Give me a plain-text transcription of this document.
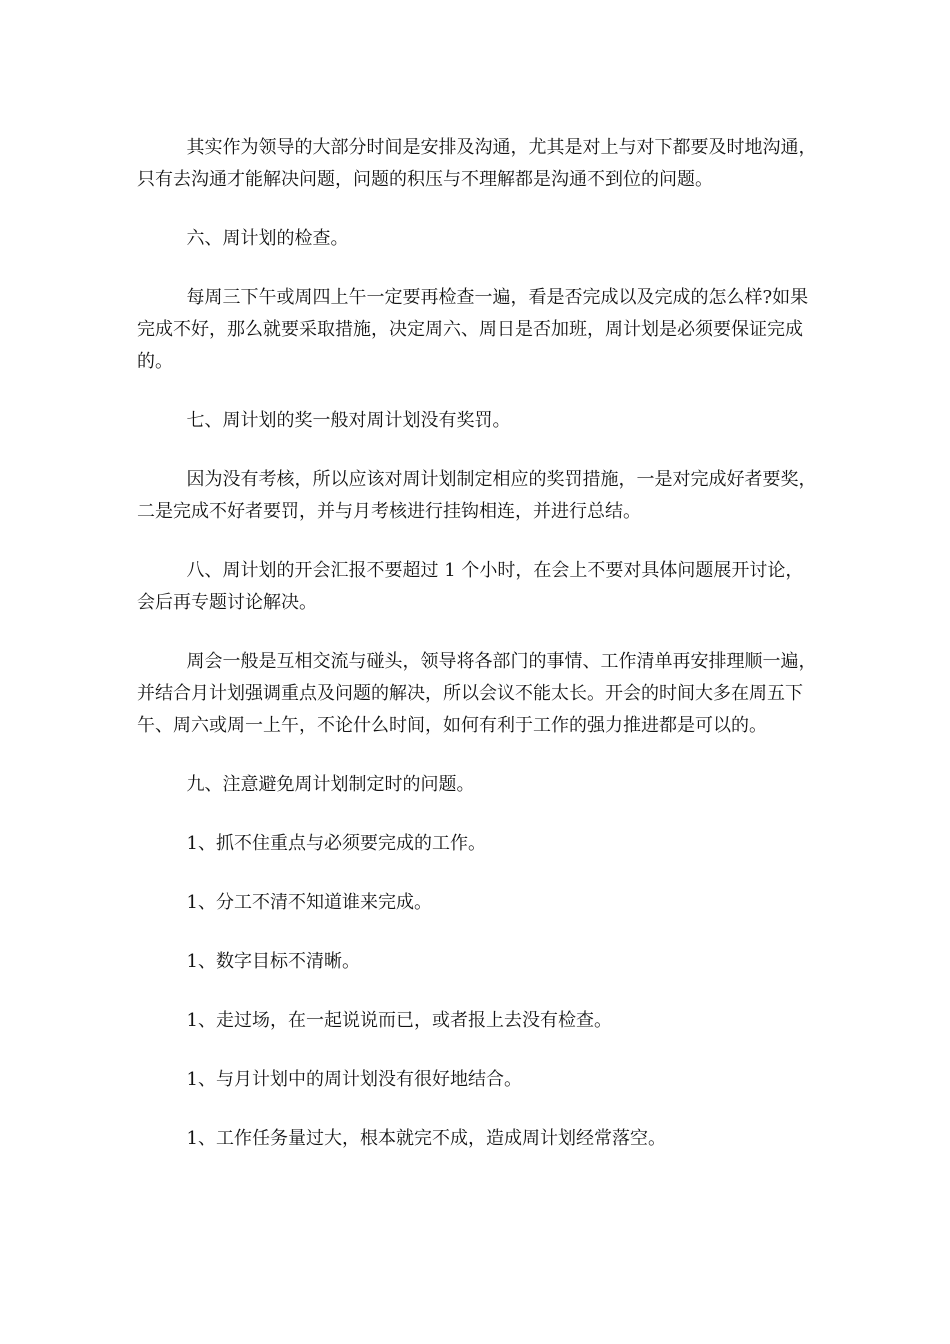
其实作为领导的大部分时间是安排及沟通，尤其是对上与对下都要及时地沟通，只有去沟通才能解决问题，问题的积压与不理解都是沟通不到位的问题。

六、周计划的检查。

每周三下午或周四上午一定要再检查一遍，看是否完成以及完成的怎么样?如果完成不好，那么就要采取措施，决定周六、周日是否加班，周计划是必须要保证完成的。

七、周计划的奖一般对周计划没有奖罚。

因为没有考核，所以应该对周计划制定相应的奖罚措施，一是对完成好者要奖，二是完成不好者要罚，并与月考核进行挂钩相连，并进行总结。

八、周计划的开会汇报不要超过 1 个小时，在会上不要对具体问题展开讨论，会后再专题讨论解决。

周会一般是互相交流与碰头，领导将各部门的事情、工作清单再安排理顺一遍，并结合月计划强调重点及问题的解决，所以会议不能太长。开会的时间大多在周五下午、周六或周一上午，不论什么时间，如何有利于工作的强力推进都是可以的。

九、注意避免周计划制定时的问题。

1、抓不住重点与必须要完成的工作。

1、分工不清不知道谁来完成。

1、数字目标不清晰。

1、走过场，在一起说说而已，或者报上去没有检查。

1、与月计划中的周计划没有很好地结合。

1、工作任务量过大，根本就完不成，造成周计划经常落空。
